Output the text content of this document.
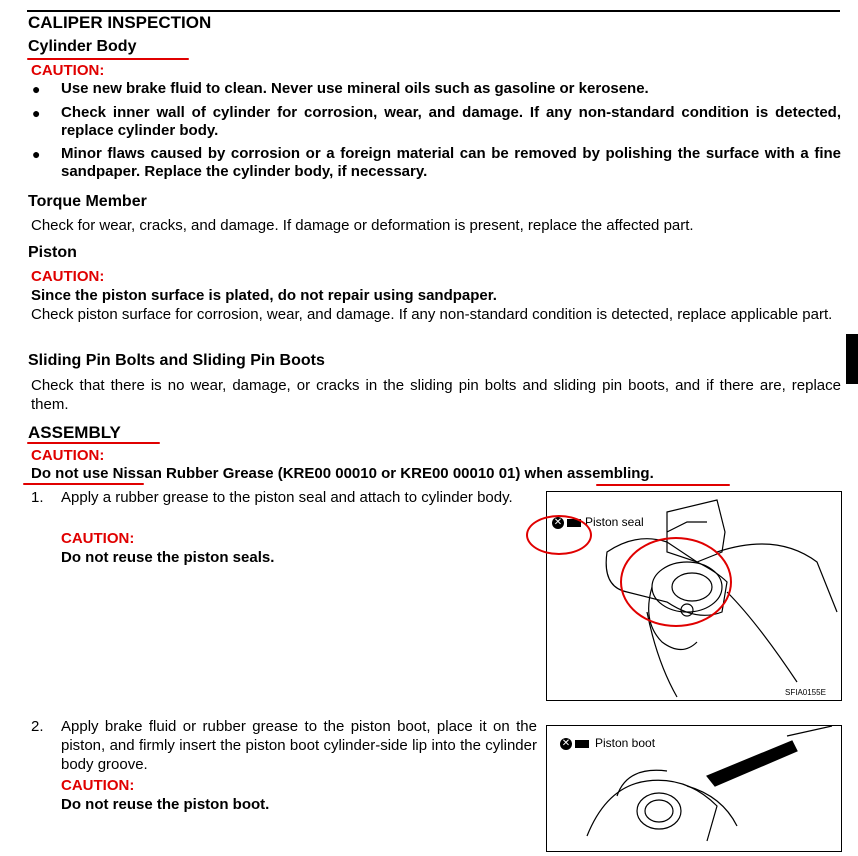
CALIPER INSPECTION
Cylinder Body
CAUTION:
● Use new brake fluid to clean. Never use mineral oils such as gasoline or kerosene.
● Check inner wall of cylinder for corrosion, wear, and damage. If any non-standard condition is detected, replace cylinder body.
● Minor flaws caused by corrosion or a foreign material can be removed by polishing the surface with a fine sandpaper. Replace the cylinder body, if necessary.
Torque Member
Check for wear, cracks, and damage. If damage or deformation is present, replace the affected part.
Piston
CAUTION:
Since the piston surface is plated, do not repair using sandpaper.
Check piston surface for corrosion, wear, and damage. If any non-standard condition is detected, replace applicable part.
Sliding Pin Bolts and Sliding Pin Boots
Check that there is no wear, damage, or cracks in the sliding pin bolts and sliding pin boots, and if there are, replace them.
ASSEMBLY
CAUTION:
Do not use Nissan Rubber Grease (KRE00 00010 or KRE00 00010 01) when assembling.
1. Apply a rubber grease to the piston seal and attach to cylinder body.
CAUTION:
Do not reuse the piston seals.
✕ Piston seal
SFIA0155E
2. Apply brake fluid or rubber grease to the piston boot, place it on the piston, and firmly insert the piston boot cylinder-side lip into the cylinder body groove.
CAUTION:
Do not reuse the piston boot.
✕ Piston boot
